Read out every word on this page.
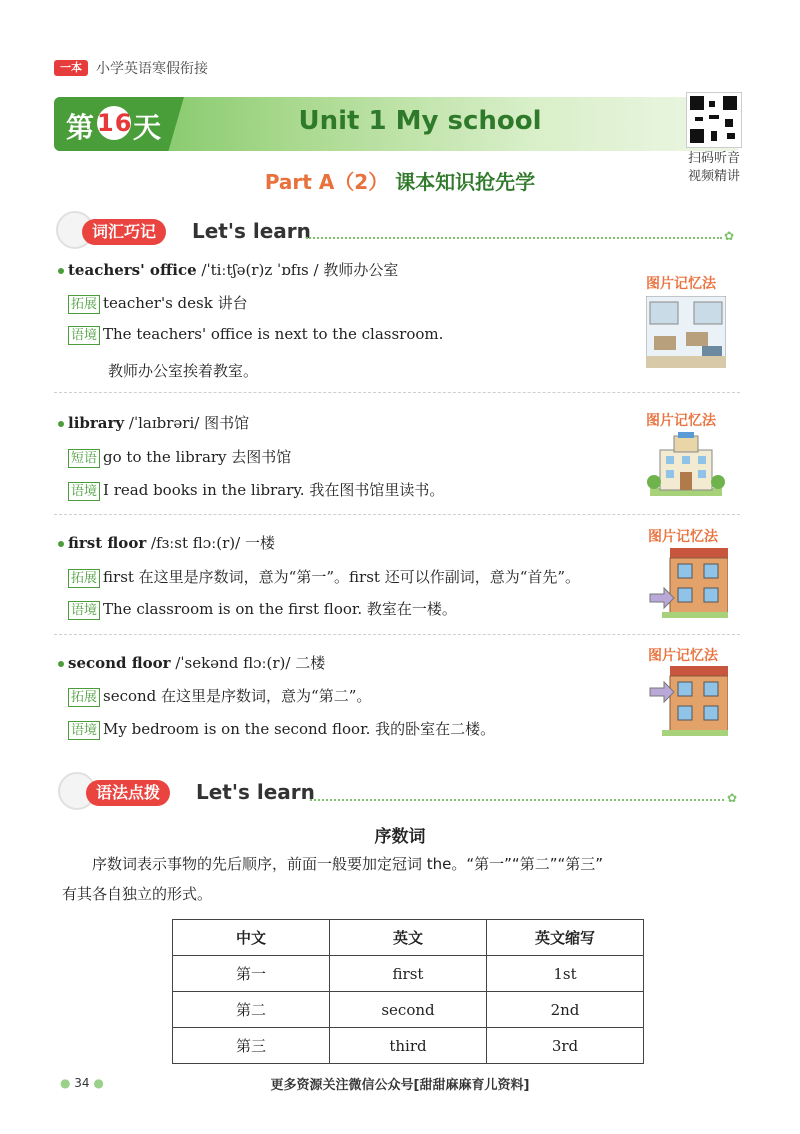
一本	小学英语寒假衔接
第16天	Unit 1 My school
扫码听音
视频精讲
Part A（2） 课本知识抢先学
词汇巧记	Let's learn	✿
teachers' office /ˈtiːtʃə(r)z ˈɒfɪs / 教师办公室
拓展 teacher's desk 讲台
语境 The teachers' office is next to the classroom.
教师办公室挨着教室。
图片记忆法
library /ˈlaɪbrəri/ 图书馆
短语 go to the library 去图书馆
语境 I read books in the library. 我在图书馆里读书。
图片记忆法
first floor /fɜːst flɔː(r)/ 一楼
拓展 first 在这里是序数词，意为“第一”。first 还可以作副词，意为“首先”。
语境 The classroom is on the first floor. 教室在一楼。
图片记忆法
second floor /ˈsekənd flɔː(r)/ 二楼
拓展 second 在这里是序数词，意为“第二”。
语境 My bedroom is on the second floor. 我的卧室在二楼。
图片记忆法
语法点拨	Let's learn	✿
序数词
序数词表示事物的先后顺序，前面一般要加定冠词 the。“第一”“第二”“第三”
有其各自独立的形式。
中文	英文	英文缩写
第一	first	1st
第二	second	2nd
第三	third	3rd
● 34 ●	更多资源关注微信公众号[甜甜麻麻育儿资料]
